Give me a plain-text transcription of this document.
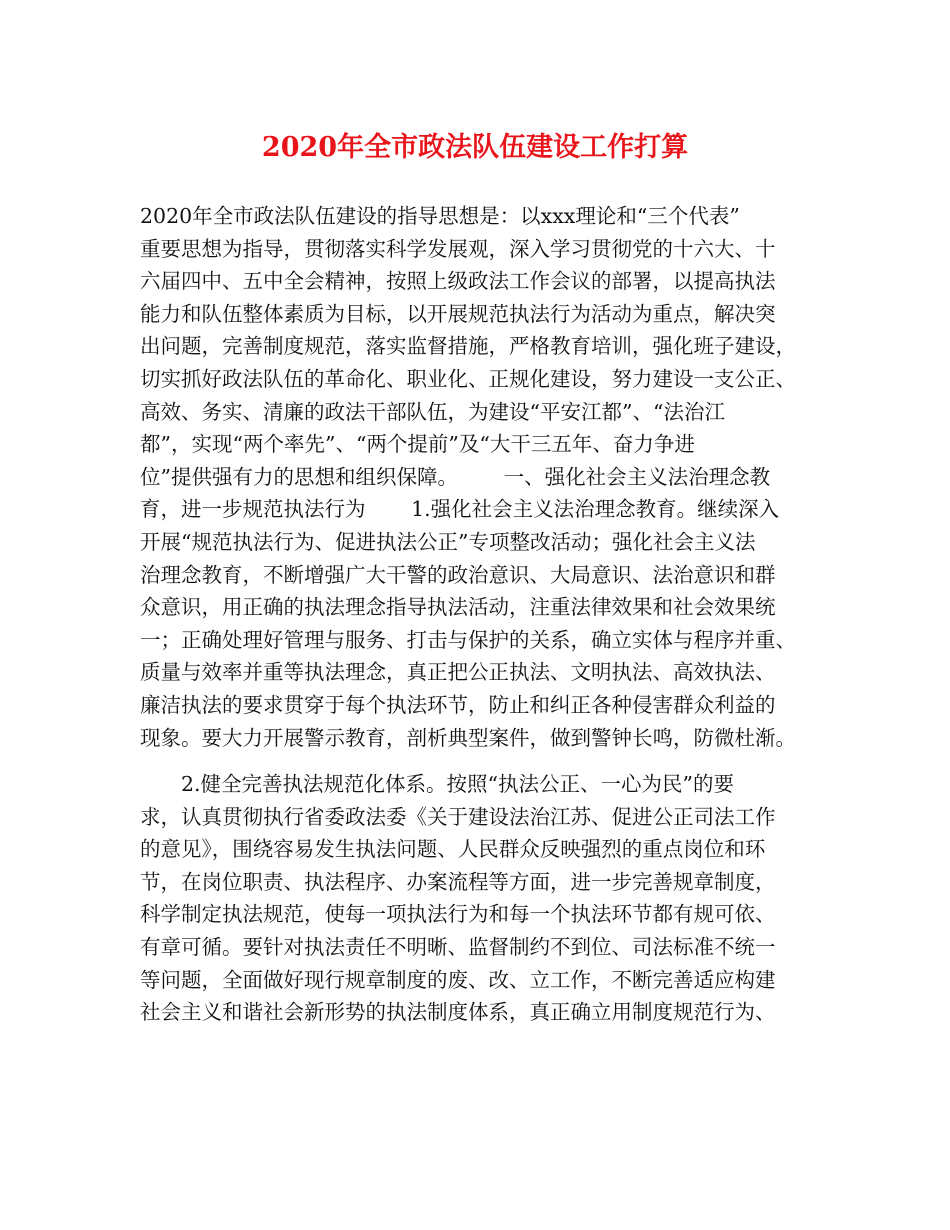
2020年全市政法队伍建设工作打算
2020年全市政法队伍建设的指导思想是：以xxx理论和“三个代表”
重要思想为指导，贯彻落实科学发展观，深入学习贯彻党的十六大、十
六届四中、五中全会精神，按照上级政法工作会议的部署，以提高执法
能力和队伍整体素质为目标，以开展规范执法行为活动为重点，解决突
出问题，完善制度规范，落实监督措施，严格教育培训，强化班子建设，
切实抓好政法队伍的革命化、职业化、正规化建设，努力建设一支公正、
高效、务实、清廉的政法干部队伍，为建设“平安江都”、“法治江
都”，实现“两个率先”、“两个提前”及“大干三五年、奋力争进
位”提供强有力的思想和组织保障。       一、强化社会主义法治理念教
育，进一步规范执法行为       1.强化社会主义法治理念教育。继续深入
开展“规范执法行为、促进执法公正”专项整改活动；强化社会主义法
治理念教育，不断增强广大干警的政治意识、大局意识、法治意识和群
众意识，用正确的执法理念指导执法活动，注重法律效果和社会效果统
一；正确处理好管理与服务、打击与保护的关系，确立实体与程序并重、
质量与效率并重等执法理念，真正把公正执法、文明执法、高效执法、
廉洁执法的要求贯穿于每个执法环节，防止和纠正各种侵害群众利益的
现象。要大力开展警示教育，剖析典型案件，做到警钟长鸣，防微杜渐。
2.健全完善执法规范化体系。按照“执法公正、一心为民”的要
求，认真贯彻执行省委政法委《关于建设法治江苏、促进公正司法工作
的意见》，围绕容易发生执法问题、人民群众反映强烈的重点岗位和环
节，在岗位职责、执法程序、办案流程等方面，进一步完善规章制度，
科学制定执法规范，使每一项执法行为和每一个执法环节都有规可依、
有章可循。要针对执法责任不明晰、监督制约不到位、司法标准不统一
等问题，全面做好现行规章制度的废、改、立工作，不断完善适应构建
社会主义和谐社会新形势的执法制度体系，真正确立用制度规范行为、
